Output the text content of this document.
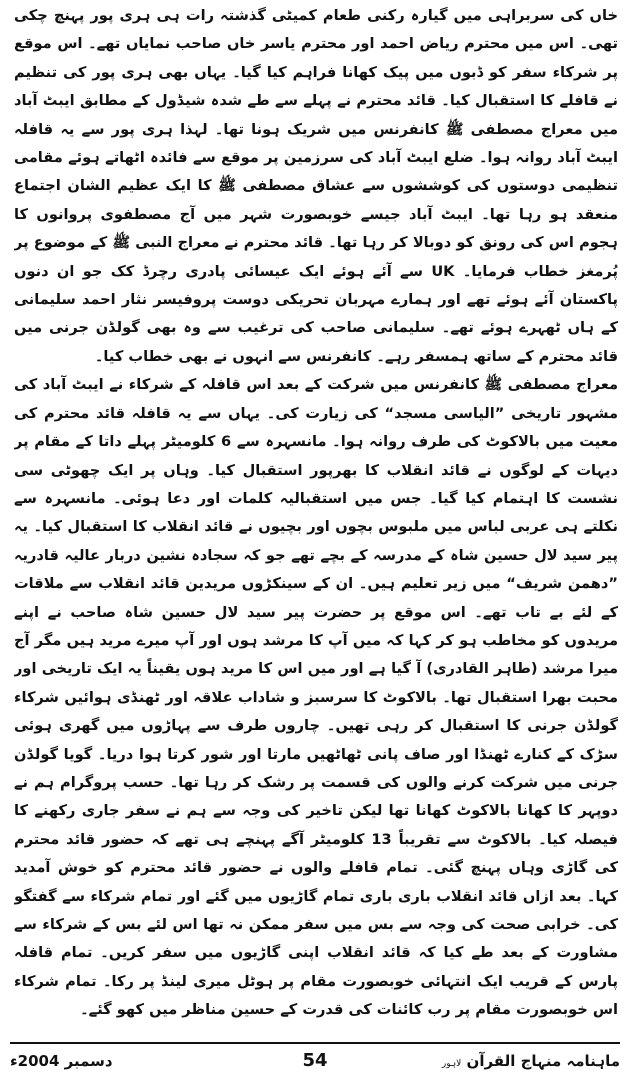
خاں کی سربراہی میں گیارہ رکنی طعام کمیٹی گذشتہ رات ہی ہری پور پہنچ چکی تھی۔ اس میں محترم ریاض احمد اور محترم یاسر خاں صاحب نمایاں تھے۔ اس موقع پر شرکاء سفر کو ڈبوں میں پیک کھانا فراہم کیا گیا۔ یہاں بھی ہری پور کی تنظیم نے قافلے کا استقبال کیا۔ قائد محترم نے پہلے سے طے شدہ شیڈول کے مطابق ایبٹ آباد میں معراج مصطفی ﷺ کانفرنس میں شریک ہونا تھا۔ لہذا ہری پور سے یہ قافلہ ایبٹ آباد روانہ ہوا۔ ضلع ایبٹ آباد کی سرزمین پر موقع سے فائدہ اٹھاتے ہوئے مقامی تنظیمی دوستوں کی کوششوں سے عشاق مصطفی ﷺ کا ایک عظیم الشان اجتماع منعقد ہو رہا تھا۔ ایبٹ آباد جیسے خوبصورت شہر میں آج مصطفوی پروانوں کا ہجوم اس کی رونق کو دوبالا کر رہا تھا۔ قائد محترم نے معراج النبی ﷺ کے موضوع پر پُرمغز خطاب فرمایا۔ UK سے آئے ہوئے ایک عیسائی پادری رچرڈ کک جو ان دنوں پاکستان آئے ہوئے تھے اور ہمارے مہربان تحریکی دوست پروفیسر نثار احمد سلیمانی کے ہاں ٹھہرے ہوئے تھے۔ سلیمانی صاحب کی ترغیب سے وہ بھی گولڈن جرنی میں قائد محترم کے ساتھ ہمسفر رہے۔ کانفرنس سے انہوں نے بھی خطاب کیا۔

معراج مصطفی ﷺ کانفرنس میں شرکت کے بعد اس قافلہ کے شرکاء نے ایبٹ آباد کی مشہور تاریخی ”الیاسی مسجد“ کی زیارت کی۔ یہاں سے یہ قافلہ قائد محترم کی معیت میں بالاکوٹ کی طرف روانہ ہوا۔ مانسہرہ سے 6 کلومیٹر پہلے داتا کے مقام پر دیہات کے لوگوں نے قائد انقلاب کا بھرپور استقبال کیا۔ وہاں پر ایک چھوٹی سی نشست کا اہتمام کیا گیا۔ جس میں استقبالیہ کلمات اور دعا ہوئی۔ مانسہرہ سے نکلتے ہی عربی لباس میں ملبوس بچوں اور بچیوں نے قائد انقلاب کا استقبال کیا۔ یہ پیر سید لال حسین شاہ کے مدرسہ کے بچے تھے جو کہ سجادہ نشین دربار عالیہ قادریہ ”دھمن شریف“ میں زیر تعلیم ہیں۔ ان کے سینکڑوں مریدین قائد انقلاب سے ملاقات کے لئے بے تاب تھے۔ اس موقع پر حضرت پیر سید لال حسین شاہ صاحب نے اپنے مریدوں کو مخاطب ہو کر کہا کہ میں آپ کا مرشد ہوں اور آپ میرے مرید ہیں مگر آج میرا مرشد (طاہر القادری) آ گیا ہے اور میں اس کا مرید ہوں یقیناً یہ ایک تاریخی اور محبت بھرا استقبال تھا۔ بالاکوٹ کا سرسبز و شاداب علاقہ اور ٹھنڈی ہوائیں شرکاء گولڈن جرنی کا استقبال کر رہی تھیں۔ چاروں طرف سے پہاڑوں میں گھری ہوئی سڑک کے کنارے ٹھنڈا اور صاف پانی ٹھاٹھیں مارتا اور شور کرتا ہوا دریا۔ گویا گولڈن جرنی میں شرکت کرنے والوں کی قسمت پر رشک کر رہا تھا۔ حسب پروگرام ہم نے دوپہر کا کھانا بالاکوٹ کھانا تھا لیکن تاخیر کی وجہ سے ہم نے سفر جاری رکھنے کا فیصلہ کیا۔ بالاکوٹ سے تقریباً 13 کلومیٹر آگے پہنچے ہی تھے کہ حضور قائد محترم کی گاڑی وہاں پہنچ گئی۔ تمام قافلے والوں نے حضور قائد محترم کو خوش آمدید کہا۔ بعد ازاں قائد انقلاب باری باری تمام گاڑیوں میں گئے اور تمام شرکاء سے گفتگو کی۔ خرابی صحت کی وجہ سے بس میں سفر ممکن نہ تھا اس لئے بس کے شرکاء سے مشاورت کے بعد طے کیا کہ قائد انقلاب اپنی گاڑیوں میں سفر کریں۔ تمام قافلہ پارس کے قریب ایک انتہائی خوبصورت مقام پر ہوٹل میری لینڈ پر رکا۔ تمام شرکاء اس خوبصورت مقام پر رب کائنات کی قدرت کے حسین مناظر میں کھو گئے۔

دسمبر 2004ء	54	ماہنامہ منہاج القرآن لاہور
